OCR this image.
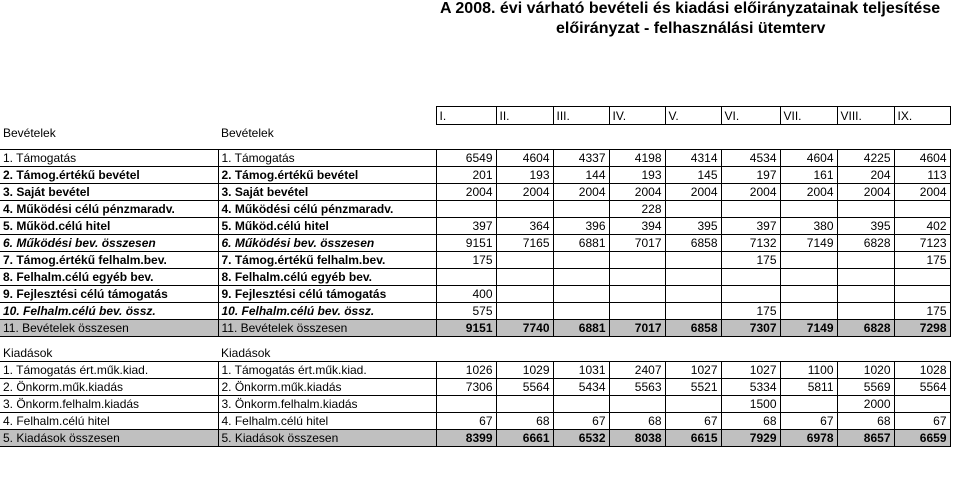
A 2008. évi várható bevételi és kiadási előirányzatainak teljesítése
előirányzat - felhasználási ütemterv
		I.	II.	III.	IV.	V.	VI.	VII.	VIII.	IX.
Bevételek	Bevételek									

1. Támogatás	1. Támogatás	6549	4604	4337	4198	4314	4534	4604	4225	4604
2. Támog.értékű bevétel	2. Támog.értékű bevétel	201	193	144	193	145	197	161	204	113
3. Saját bevétel	3. Saját bevétel	2004	2004	2004	2004	2004	2004	2004	2004	2004
4. Működési célú pénzmaradv.	4. Működési célú pénzmaradv.				228					
5. Működ.célú hitel	5. Működ.célú hitel	397	364	396	394	395	397	380	395	402
6. Működési bev. összesen	6. Működési bev. összesen	9151	7165	6881	7017	6858	7132	7149	6828	7123
7. Támog.értékű felhalm.bev.	7. Támog.értékű felhalm.bev.	175					175			175
8. Felhalm.célú egyéb bev.	8. Felhalm.célú egyéb bev.									
9. Fejlesztési célú támogatás	9. Fejlesztési célú támogatás	400								
10. Felhalm.célú bev. össz.	10. Felhalm.célú bev. össz.	575					175			175
11. Bevételek összesen	11. Bevételek összesen	9151	7740	6881	7017	6858	7307	7149	6828	7298

Kiadások	Kiadások									
1. Támogatás ért.műk.kiad.	1. Támogatás ért.műk.kiad.	1026	1029	1031	2407	1027	1027	1100	1020	1028
2. Önkorm.műk.kiadás	2. Önkorm.műk.kiadás	7306	5564	5434	5563	5521	5334	5811	5569	5564
3. Önkorm.felhalm.kiadás	3. Önkorm.felhalm.kiadás						1500		2000	
4. Felhalm.célú hitel	4. Felhalm.célú hitel	67	68	67	68	67	68	67	68	67
5. Kiadások összesen	5. Kiadások összesen	8399	6661	6532	8038	6615	7929	6978	8657	6659
